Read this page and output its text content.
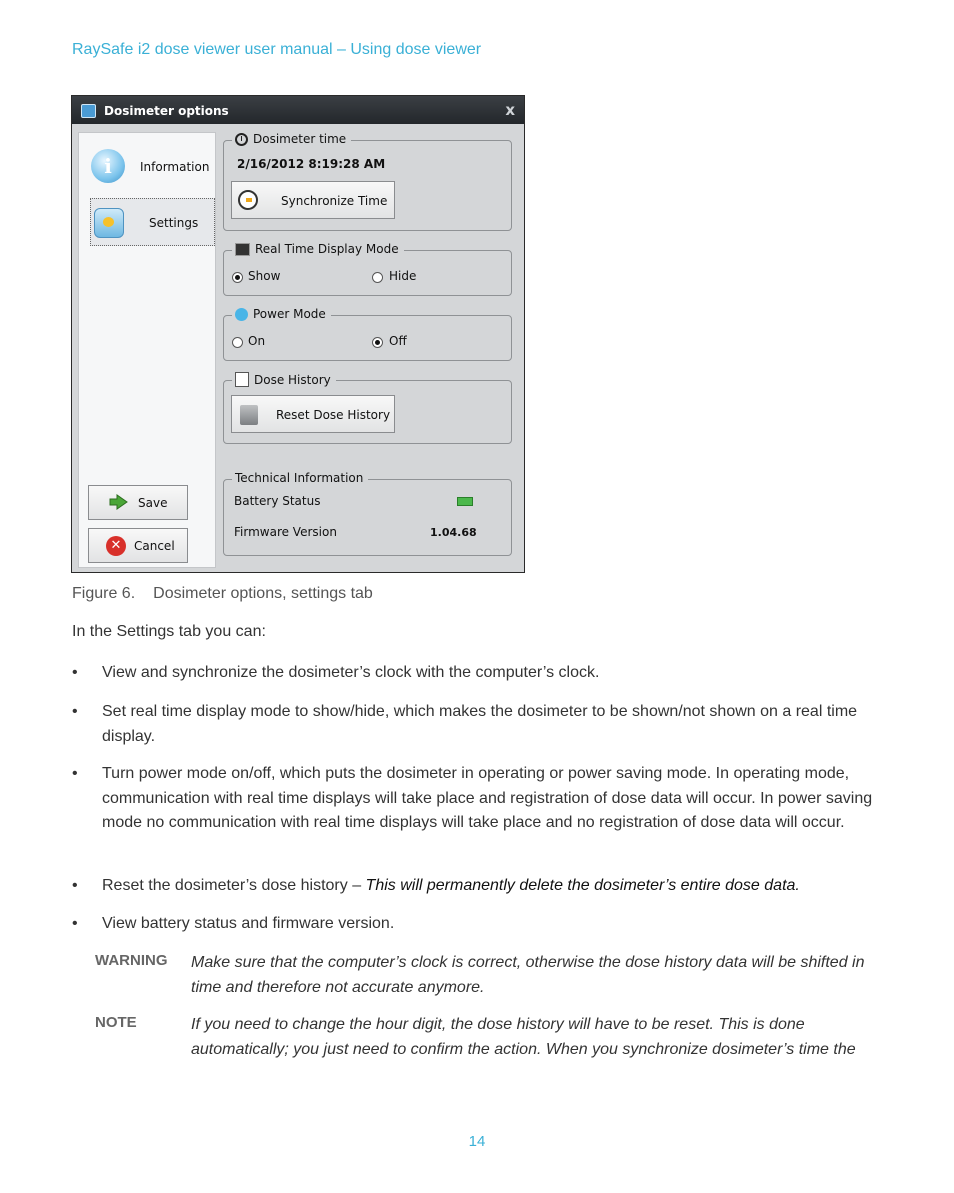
RaySafe i2 dose viewer user manual – Using dose viewer
Dosimeter options	x
i	Information
Settings
Save
✕	Cancel
Dosimeter time
2/16/2012 8:19:28 AM
Synchronize Time
Real Time Display Mode
Show	Hide
Power Mode
On	Off
Dose History
Reset Dose History
Technical Information
Battery Status
Firmware Version	1.04.68
Figure 6. Dosimeter options, settings tab
In the Settings tab you can:
• View and synchronize the dosimeter’s clock with the computer’s clock.
• Set real time display mode to show/hide, which makes the dosimeter to be shown/not shown on a real time display.
• Turn power mode on/off, which puts the dosimeter in operating or power saving mode. In operating mode, communication with real time displays will take place and registration of dose data will occur. In power saving mode no communication with real time displays will take place and no registration of dose data will occur.
• Reset the dosimeter’s dose history – This will permanently delete the dosimeter’s entire dose data.
• View battery status and firmware version.
WARNING Make sure that the computer’s clock is correct, otherwise the dose history data will be shifted in time and therefore not accurate anymore.
NOTE	If you need to change the hour digit, the dose history will have to be reset. This is done automatically; you just need to confirm the action. When you synchronize dosimeter’s time the
14
